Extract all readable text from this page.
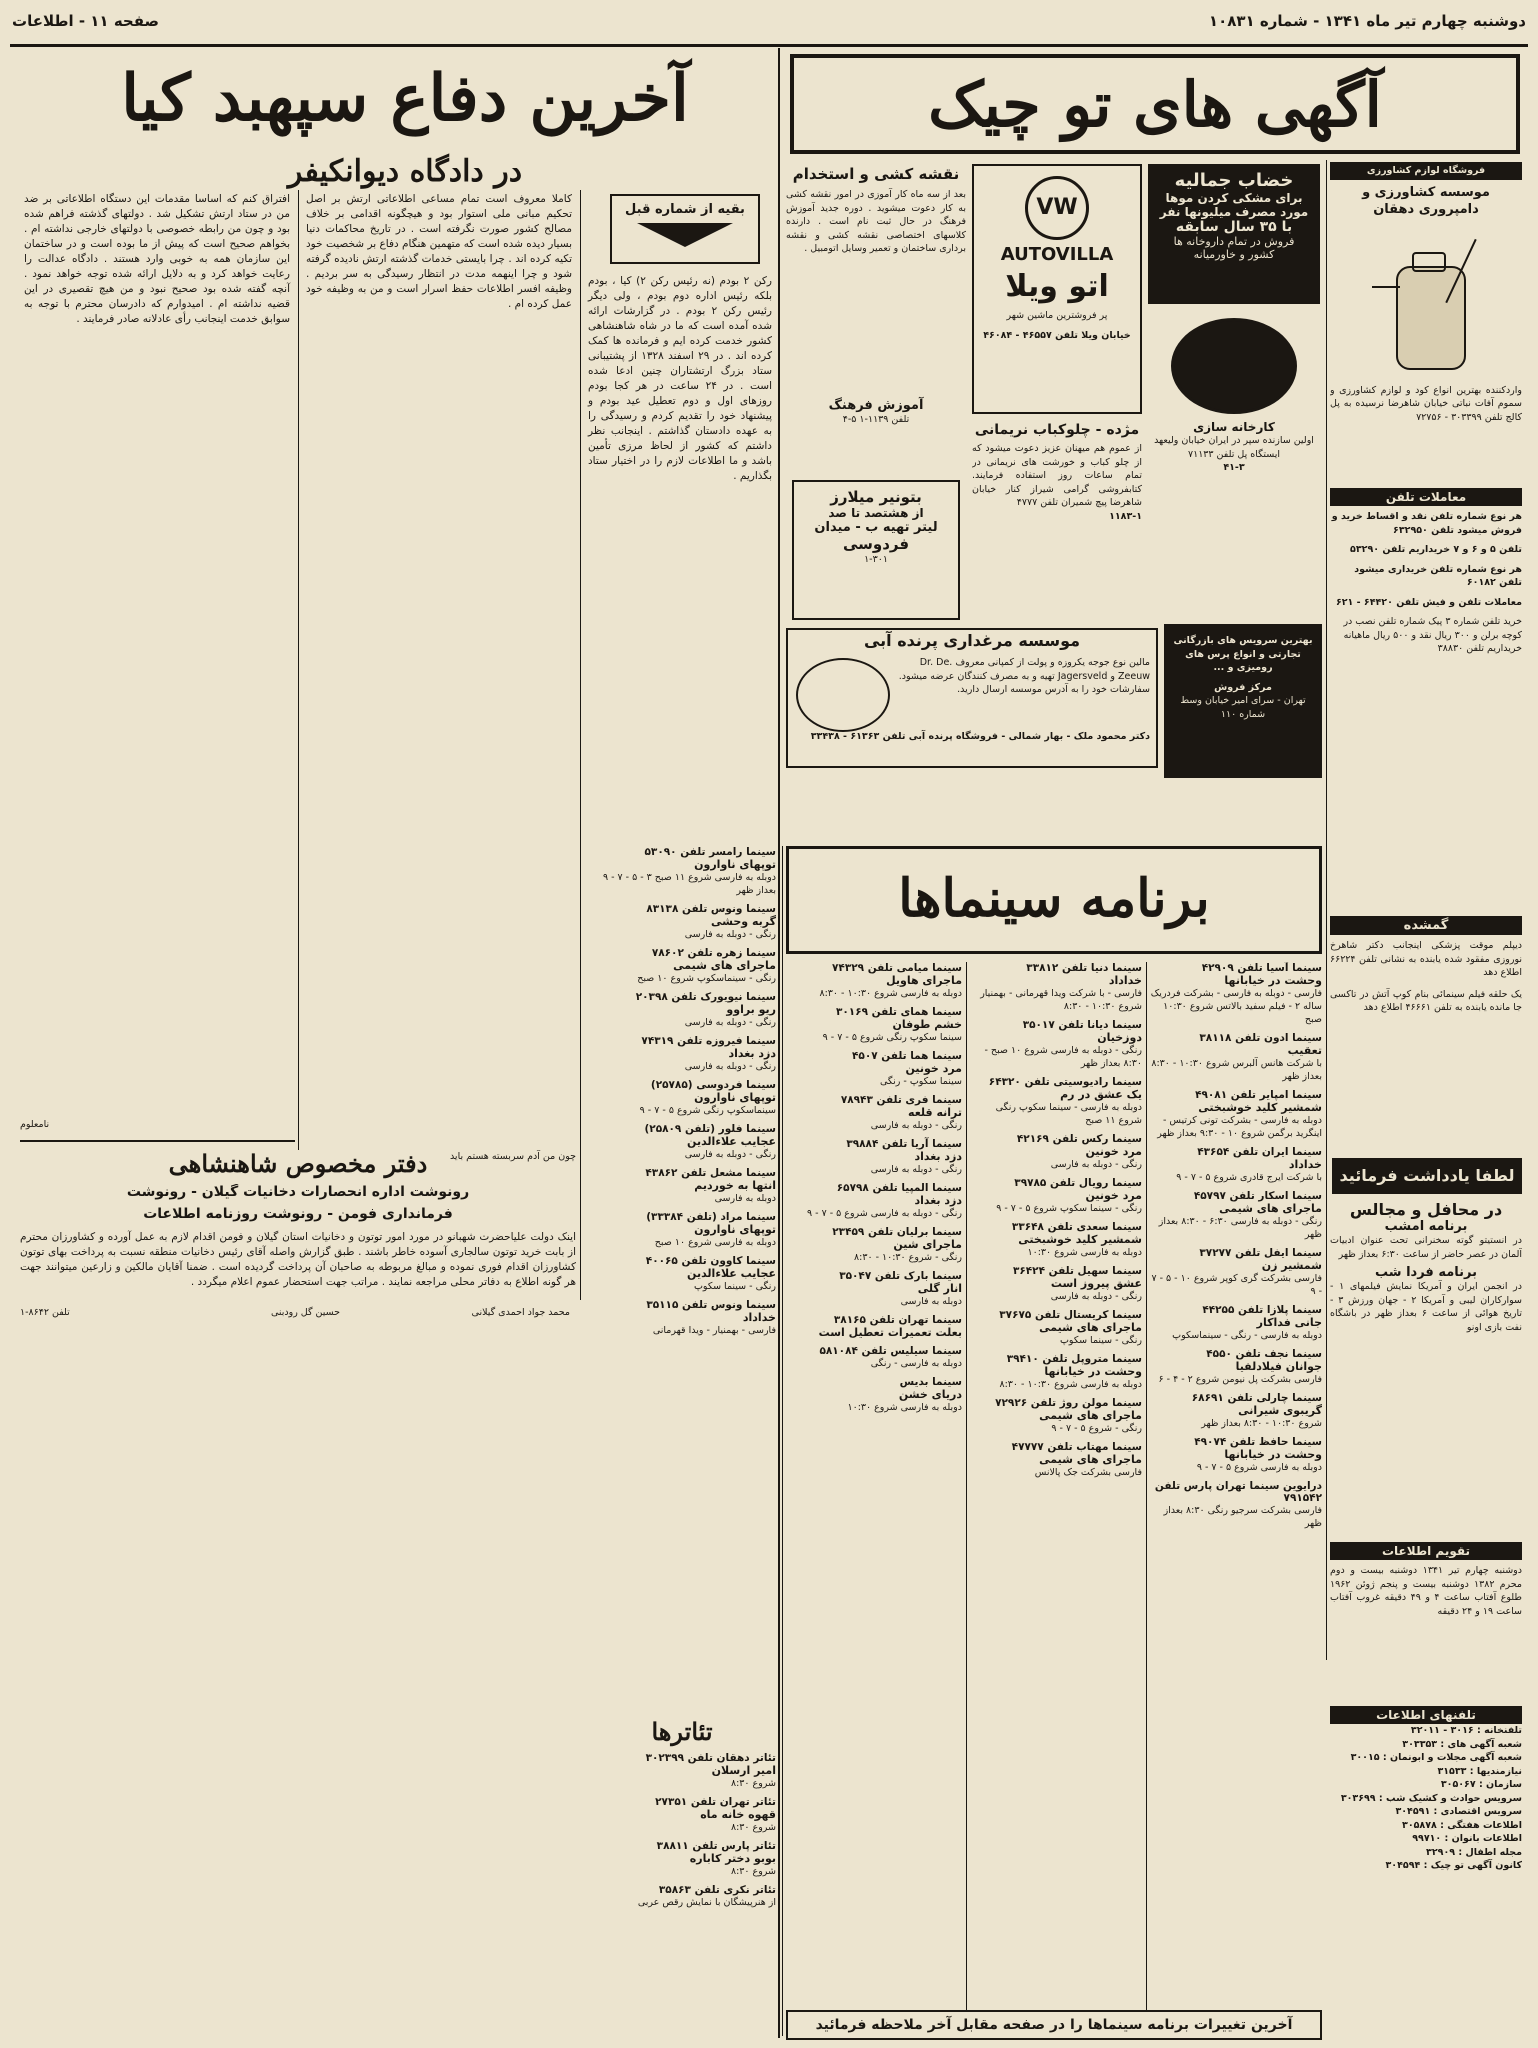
دوشنبه چهارم تیر ماه ۱۳۴۱ - شماره ۱۰۸۳۱
صفحه ۱۱ - اطلاعات
آخرین دفاع سپهبد کیا
در دادگاه دیوانکیفر
بقیه از شماره قبل
رکن ۲ بودم (نه رئیس رکن ۲) کیا ، بودم بلکه رئیس اداره دوم بودم ، ولی دیگر رئیس رکن ۲ بودم . در گزارشات ارائه شده آمده است که ما در شاه شاهنشاهی کشور خدمت کرده ایم و فرمانده ها کمک کرده اند . در ۲۹ اسفند ۱۳۲۸ از پشتیبانی ستاد بزرگ ارتشتاران چنین ادعا شده است . در ۲۴ ساعت در هر کجا بودم روزهای اول و دوم تعطیل عید بودم و پیشنهاد خود را تقدیم کردم و رسیدگی را به عهده دادستان گذاشتم . اینجانب نظر داشتم که کشور از لحاظ مرزی تأمین باشد و ما اطلاعات لازم را در اختیار ستاد بگذاریم .
کاملا معروف است تمام مساعی اطلاعاتی ارتش بر اصل تحکیم مبانی ملی استوار بود و هیچگونه اقدامی بر خلاف مصالح کشور صورت نگرفته است . در تاریخ محاکمات دنیا بسیار دیده شده است که متهمین هنگام دفاع بر شخصیت خود تکیه کرده اند . چرا بایستی خدمات گذشته ارتش نادیده گرفته شود و چرا اینهمه مدت در انتظار رسیدگی به سر بردیم . وظیفه افسر اطلاعات حفظ اسرار است و من به وظیفه خود عمل کرده ام .
افتراق کنم که اساسا مقدمات این دستگاه اطلاعاتی بر ضد من در ستاد ارتش تشکیل شد . دولتهای گذشته فراهم شده بود و چون من رابطه خصوصی با دولتهای خارجی نداشته ام . بخواهم صحیح است که پیش از ما بوده است و در ساختمان این سازمان همه به خوبی وارد هستند . دادگاه عدالت را رعایت خواهد کرد و به دلایل ارائه شده توجه خواهد نمود . آنچه گفته شده بود صحیح نبود و من هیچ تقصیری در این قضیه نداشته ام . امیدوارم که دادرسان محترم با توجه به سوابق خدمت اینجانب رأی عادلانه صادر فرمایند .
نامعلوم
چون من آدم سربسته هستم باید
دفتر مخصوص شاهنشاهی
رونوشت اداره انحصارات دخانیات گیلان - رونوشت
فرمانداری فومن - رونوشت روزنامه اطلاعات
اینک دولت علیاحضرت شهبانو در مورد امور توتون و دخانیات استان گیلان و فومن اقدام لازم به عمل آورده و کشاورزان محترم از بابت خرید توتون سالجاری آسوده خاطر باشند . طبق گزارش واصله آقای رئیس دخانیات منطقه نسبت به پرداخت بهای توتون کشاورزان اقدام فوری نموده و مبالغ مربوطه به صاحبان آن پرداخت گردیده است . ضمنا آقایان مالکین و زارعین میتوانند جهت هر گونه اطلاع به دفاتر محلی مراجعه نمایند . مراتب جهت استحضار عموم اعلام میگردد .
محمد جواد احمدی گیلانی
حسین گل رودبنی
تلفن ۸۶۴۲-۱
آگهی های تو چیک
فروشگاه لوازم کشاورزی
موسسه کشاورزی و دامپروری دهقان
واردکننده بهترین انواع کود و لوازم کشاورزی و سموم آفات نباتی خیابان شاهرضا نرسیده به پل کالج تلفن ۳۰۳۳۹۹ - ۷۲۷۵۶
خضاب جمالیه
برای مشکی کردن موها
مورد مصرف میلیونها نفر
با ۳۵ سال سابقه
فروش در تمام داروخانه ها
کشور و خاورمیانه
VW
AUTOVILLA
اتو ویلا
پر فروشترین ماشین شهر
خیابان ویلا تلفن ۴۶۵۵۷ - ۴۶۰۸۴
نقشه کشی و استخدام
بعد از سه ماه کار آموزی در امور نقشه کشی به کار دعوت میشوید . دوره جدید آموزش فرهنگ در حال ثبت نام است . دارنده کلاسهای اختصاصی نقشه کشی و نقشه برداری ساختمان و تعمیر وسایل اتومبیل .
آموزش فرهنگ
تلفن ۱۱۳۹-۱ ۵-۴
کارخانه سازی
اولین سازنده سپر در ایران خیابان ولیعهد ایستگاه پل تلفن ۷۱۱۳۳
۴۱-۳
مژده - چلوکباب نریمانی
از عموم هم میهنان عزیز دعوت میشود که از چلو کباب و خورشت های نریمانی در تمام ساعات روز استفاده فرمایند. کتابفروشی گرامی شیراز کنار خیابان شاهرضا پیچ شمیران تلفن ۴۷۷۷
۱۱۸۳-۱
بتونیر میلارز
از هشتصد تا صد
لیتر تهیه ب - میدان
فردوسی
۱-۳۰۱
معاملات تلفن
هر نوع شماره تلفن نقد و اقساط خرید و فروش میشود تلفن ۶۳۲۹۵۰
تلفن ۵ و ۶ و ۷ خریداریم تلفن ۵۳۲۹۰
هر نوع شماره تلفن خریداری میشود تلفن ۶۰۱۸۲
معاملات تلفن و فیش تلفن ۶۴۴۲۰ - ۶۲۱
خرید تلفن شماره ۳ پیک شماره تلفن نصب در کوچه برلن و ۳۰۰ ریال نقد و ۵۰۰ ریال ماهیانه خریداریم تلفن ۳۸۸۳۰
موسسه مرغداری پرنده آبی
مالین نوع جوجه یکروزه و پولت از کمپانی معروف Dr. De. Zeeuw و Jagersveld تهیه و به مصرف کنندگان عرضه میشود. سفارشات خود را به آدرس موسسه ارسال دارید.
دکتر محمود ملک - بهار شمالی - فروشگاه پرنده آبی تلفن ۶۱۳۶۳ - ۳۳۴۳۸
بهترین سرویس های بازرگانی
تجارتی و انواع پرس های
رومیزی و ...
مرکز فروش
تهران - سرای امیر خیابان وسط
شماره ۱۱۰
برنامه سینماها	گمشده
دیپلم موقت پزشکی اینجانب دکتر شاهرخ نوروزی مفقود شده یابنده به نشانی تلفن ۶۶۲۲۴ اطلاع دهد
یک حلقه فیلم سینمائی بنام کوپ آتش در تاکسی جا مانده یابنده به تلفن ۴۶۶۶۱ اطلاع دهد
لطفا یادداشت فرمائید
در محافل و مجالس
برنامه امشب
در انستیتو گوته سخنرانی تحت عنوان ادبیات آلمان در عصر حاضر از ساعت ۶:۳۰ بعداز ظهر
برنامه فردا شب
در انجمن ایران و آمریکا نمایش فیلمهای ۱ - سوارکاران لیبی و آمریکا ۲ - جهان ورزش ۳ - تاریخ هوائی از ساعت ۶ بعداز ظهر در باشگاه نفت بازی اونو
تقویم اطلاعات
دوشنبه چهارم تیر ۱۳۴۱ دوشنبه بیست و دوم محرم ۱۳۸۲ دوشنبه بیست و پنجم ژوئن ۱۹۶۲ طلوع آفتاب ساعت ۴ و ۴۹ دقیقه غروب آفتاب ساعت ۱۹ و ۲۴ دقیقه
تلفنهای اطلاعات
تلفنخانه : ۳۰۱۶ - ۳۲۰۱۱
شعبه آگهی های : ۳۰۳۳۵۳
شعبه آگهی مجلات و ابونمان : ۳۰۰۱۵
نیازمندیها : ۳۱۵۳۳
سازمان : ۳۰۵۰۶۷
سرویس حوادث و کشیک شب : ۳۰۳۶۹۹
سرویس اقتصادی : ۳۰۴۵۹۱
اطلاعات هفتگی : ۳۰۵۸۷۸
اطلاعات بانوان : ۹۹۷۱۰
مجله اطفال : ۳۲۹۰۹
کانون آگهی تو چیک : ۳۰۴۵۹۴
سینما آسیا تلفن ۴۲۹۰۹
وحشت در خیابانها
فارسی - دوبله به فارسی - بشرکت فردریک ساله ۲ - فیلم سفید بالاتس شروع ۱۰:۳۰ صبح
سینما ادون تلفن ۳۸۱۱۸
تعقیب
با شرکت هانس آلبرس شروع ۱۰:۳۰ - ۸:۳۰ بعداز ظهر
سینما امپایر تلفن ۴۹۰۸۱
شمشیر کلید خوشبختی
دوبله به فارسی - بشرکت تونی کرتیس - اینگرید برگمن شروع ۱۰ - ۹:۳۰ بعداز ظهر
سینما ایران تلفن ۴۳۶۵۴
خداداد
با شرکت ایرج قادری شروع ۵ - ۷ - ۹
سینما اسکار تلفن ۴۵۷۹۷
ماجرای های شیمی
رنگی - دوبله به فارسی ۶:۳۰ - ۸:۳۰ بعداز ظهر
سینما ایفل تلفن ۳۷۲۷۷
شمشیر زن
فارسی بشرکت گری کوپر شروع ۱۰ - ۵ - ۷ - ۹
سینما پلازا تلفن ۴۴۲۵۵
جانی فداکار
دوبله به فارسی - رنگی - سینماسکوپ
سینما نجف تلفن ۴۵۵۰
جوانان فیلادلفیا
فارسی بشرکت پل نیومن شروع ۲ - ۴ - ۶
سینما چارلی تلفن ۶۸۶۹۱
گریبوی شیرانی
شروع ۱۰:۳۰ - ۸:۳۰ بعداز ظهر
سینما حافظ تلفن ۴۹۰۷۴
وحشت در خیابانها
دوبله به فارسی شروع ۵ - ۷ - ۹
درایوین سینما تهران پارس تلفن ۷۹۱۵۴۲
فارسی بشرکت سرجیو رنگی ۸:۳۰ بعداز ظهر
سینما دنیا تلفن ۳۳۸۱۲
خداداد
فارسی - با شرکت ویدا قهرمانی - بهمنیار شروع ۱۰:۳۰ - ۸:۳۰
سینما دیانا تلفن ۳۵۰۱۷
دوزخیان
رنگی - دوبله به فارسی شروع ۱۰ صبح - ۸:۳۰ بعداز ظهر
سینما رادیوسیتی تلفن ۶۴۳۲۰
یک عشق در رم
دوبله به فارسی - سینما سکوپ رنگی شروع ۱۱ صبح
سینما رکس تلفن ۴۲۱۶۹
مرد خونین
رنگی - دوبله به فارسی
سینما رویال تلفن ۳۹۷۸۵
مرد خونین
رنگی - سینما سکوپ شروع ۵ - ۷ - ۹
سینما سعدی تلفن ۳۳۶۴۸
شمشیر کلید خوشبختی
دوبله به فارسی شروع ۱۰:۳۰
سینما سهیل تلفن ۳۶۴۲۴
عشق پیروز است
رنگی - دوبله به فارسی
سینما کریستال تلفن ۳۷۶۷۵
ماجرای های شیمی
رنگی - سینما سکوپ
سینما متروپل تلفن ۳۹۴۱۰
وحشت در خیابانها
دوبله به فارسی شروع ۱۰:۳۰ - ۸:۳۰
سینما مولن روژ تلفن ۷۲۹۲۶
ماجرای های شیمی
رنگی - شروع ۵ - ۷ - ۹
سینما مهتاب تلفن ۴۷۷۷۷
ماجرای های شیمی
فارسی بشرکت جک پالانس
سینما میامی تلفن ۷۴۳۲۹
ماجرای هاویل
دوبله به فارسی شروع ۱۰:۳۰ - ۸:۳۰
سینما همای تلفن ۳۰۱۶۹
خشم طوفان
سینما سکوپ رنگی شروع ۵ - ۷ - ۹
سینما هما تلفن ۴۵۰۷
مرد خونین
سینما سکوپ - رنگی
سینما فری تلفن ۷۸۹۴۳
ترانه قلعه
رنگی - دوبله به فارسی
سینما آریا تلفن ۳۹۸۸۴
دزد بغداد
رنگی - دوبله به فارسی
سینما المپیا تلفن ۶۵۷۹۸
دزد بغداد
رنگی - دوبله به فارسی شروع ۵ - ۷ - ۹
سینما برلیان تلفن ۲۳۴۵۹
ماجرای شین
رنگی - شروع ۱۰:۳۰ - ۸:۳۰
سینما بارک تلفن ۳۵۰۴۷
انار گلی
دوبله به فارسی
سینما تهران تلفن ۳۸۱۶۵
بعلت تعمیرات تعطیل است
سینما سیلیس تلفن ۵۸۱۰۸۴
دوبله به فارسی - رنگی
سینما بدیس
دریای خشن
دوبله به فارسی شروع ۱۰:۳۰
سینما رامسر تلفن ۵۳۰۹۰
توپهای ناوارون
دوبله به فارسی شروع ۱۱ صبح ۳ - ۵ - ۷ - ۹ بعداز ظهر
سینما ونوس تلفن ۸۳۱۳۸
گربه وحشی
رنگی - دوبله به فارسی
سینما زهره تلفن ۷۸۶۰۲
ماجرای های شیمی
رنگی - سینماسکوپ شروع ۱۰ صبح
سینما نیویورک تلفن ۲۰۳۹۸
ریو براوو
رنگی - دوبله به فارسی
سینما فیروزه تلفن ۷۴۳۱۹
دزد بغداد
رنگی - دوبله به فارسی
سینما فردوسی (۲۵۷۸۵)
توپهای ناوارون
سینماسکوپ رنگی شروع ۵ - ۷ - ۹
سینما فلور (تلفن ۲۵۸۰۹)
عجایب علاءالدین
رنگی - دوبله به فارسی
سینما مشعل تلفن ۴۳۸۶۲
انتها به خوردیم
دوبله به فارسی
سینما مراد (تلفن ۳۳۳۸۴)
توپهای ناوارون
دوبله به فارسی شروع ۱۰ صبح
سینما کاوون تلفن ۴۰۰۶۵
عجایب علاءالدین
رنگی - سینما سکوپ
سینما ونوس تلفن ۳۵۱۱۵
خداداد
فارسی - بهمنیار - ویدا قهرمانی
تئاترها
تئاتر دهقان تلفن ۳۰۲۳۹۹
امیر ارسلان
شروع ۸:۳۰
تئاتر تهران تلفن ۲۷۳۵۱
قهوه خانه ماه
شروع ۸:۳۰
تئاتر پارس تلفن ۳۸۸۱۱
بوبو دختر کاباره
شروع ۸:۳۰
تئاتر نکری تلفن ۳۵۸۶۳
از هنرپیشگان با نمایش رقص عربی
آخرین تغییرات برنامه سینماها را در صفحه مقابل آخر ملاحظه فرمائید
